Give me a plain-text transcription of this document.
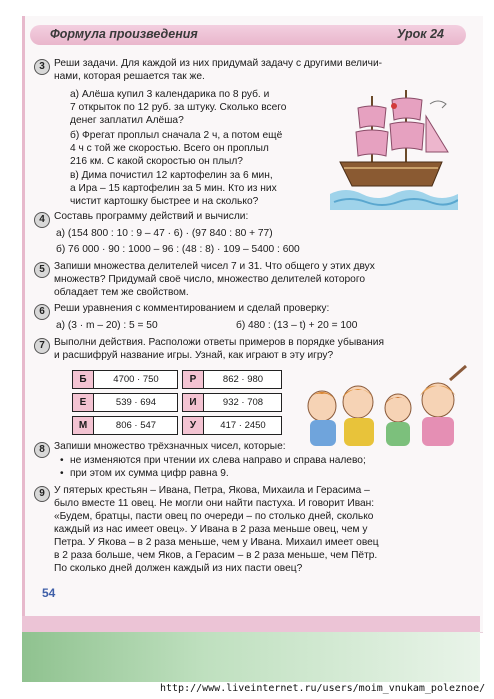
Формула произведения	Урок 24
3 Реши задачи. Для каждой из них придумай задачу с другими величи-
нами, которая решается так же.
а) Алёша купил 3 календарика по 8 руб. и
7 открыток по 12 руб. за штуку. Сколько всего
денег заплатил Алёша?
б) Фрегат проплыл сначала 2 ч, а потом ещё
4 ч с той же скоростью. Всего он проплыл
216 км. С какой скоростью он плыл?
в) Дима почистил 12 картофелин за 6 мин,
а Ира – 15 картофелин за 5 мин. Кто из них
чистит картошку быстрее и на сколько?
4 Составь программу действий и вычисли:
а) (154 800 : 10 : 9 – 47 · 6) · (97 840 : 80 + 77)
б) 76 000 · 90 : 1000 – 96 : (48 : 8) · 109 – 5400 : 600
5 Запиши множества делителей чисел 7 и 31. Что общего у этих двух
множеств? Придумай своё число, множество делителей которого
обладает тем же свойством.
6 Реши уравнения с комментированием и сделай проверку:
а) (3 · m – 20) : 5 = 50	б) 480 : (13 – t) + 20 = 100
7 Выполни действия. Расположи ответы примеров в порядке убывания
и расшифруй название игры. Узнай, как играют в эту игру?
Б	4700 · 750	Р	862 · 980
Е	539 · 694	И	932 · 708
М	806 · 547	У	417 · 2450
8 Запиши множество трёхзначных чисел, которые:
• не изменяются при чтении их слева направо и справа налево;
• при этом их сумма цифр равна 9.
9 У пятерых крестьян – Ивана, Петра, Якова, Михаила и Герасима –
было вместе 11 овец. Не могли они найти пастуха. И говорит Иван:
«Будем, братцы, пасти овец по очереди – по столько дней, сколько
каждый из нас имеет овец». У Ивана в 2 раза меньше овец, чем у
Петра. У Якова – в 2 раза меньше, чем у Ивана. Михаил имеет овец
в 2 раза больше, чем Яков, а Герасим – в 2 раза меньше, чем Пётр.
По сколько дней должен каждый из них пасти овец?
54
http://www.liveinternet.ru/users/moim_vnukam_poleznoe/
